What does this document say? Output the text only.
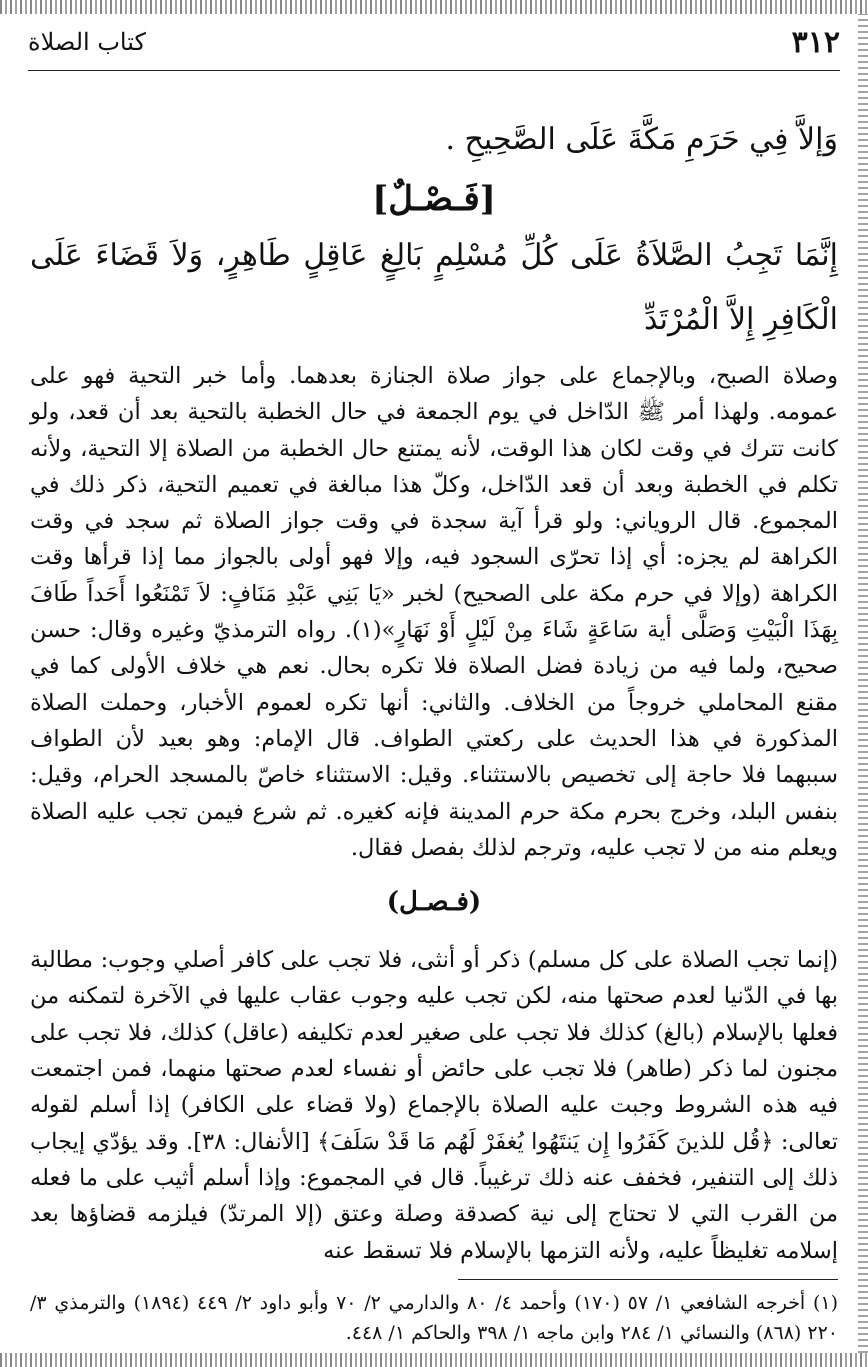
٣١٢
كتاب الصلاة

وَإلاَّ فِي حَرَمِ مَكَّةَ عَلَى الصَّحِيحِ .

[فَـصْـلٌ]

إِنَّمَا تَجِبُ الصَّلاَةُ عَلَى كُلِّ مُسْلِمٍ بَالِغٍ عَاقِلٍ طَاهِرٍ، وَلاَ قَضَاءَ عَلَى الْكَافِرِ إِلاَّ الْمُرْتَدِّ

وصلاة الصبح، وبالإجماع على جواز صلاة الجنازة بعدهما. وأما خبر التحية فهو على عمومه. ولهذا أمر ﷺ الدّاخل في يوم الجمعة في حال الخطبة بالتحية بعد أن قعد، ولو كانت تترك في وقت لكان هذا الوقت، لأنه يمتنع حال الخطبة من الصلاة إلا التحية، ولأنه تكلم في الخطبة وبعد أن قعد الدّاخل، وكلّ هذا مبالغة في تعميم التحية، ذكر ذلك في المجموع. قال الروياني: ولو قرأ آية سجدة في وقت جواز الصلاة ثم سجد في وقت الكراهة لم يجزه: أي إذا تحرّى السجود فيه، وإلا فهو أولى بالجواز مما إذا قرأها وقت الكراهة (وإلا في حرم مكة على الصحيح) لخبر «يَا بَنِي عَبْدِ مَنَافٍ: لاَ تَمْنَعُوا أَحَداً طَافَ بِهَذَا الْبَيْتِ وَصَلَّى أية سَاعَةٍ شَاءَ مِنْ لَيْلٍ أَوْ نَهَارٍ»(١). رواه الترمذيّ وغيره وقال: حسن صحيح، ولما فيه من زيادة فضل الصلاة فلا تكره بحال. نعم هي خلاف الأولى كما في مقنع المحاملي خروجاً من الخلاف. والثاني: أنها تكره لعموم الأخبار، وحملت الصلاة المذكورة في هذا الحديث على ركعتي الطواف. قال الإمام: وهو بعيد لأن الطواف سببهما فلا حاجة إلى تخصيص بالاستثناء. وقيل: الاستثناء خاصّ بالمسجد الحرام، وقيل: بنفس البلد، وخرج بحرم مكة حرم المدينة فإنه كغيره. ثم شرع فيمن تجب عليه الصلاة ويعلم منه من لا تجب عليه، وترجم لذلك بفصل فقال.

(فـصـل)

(إنما تجب الصلاة على كل مسلم) ذكر أو أنثى، فلا تجب على كافر أصلي وجوب: مطالبة بها في الدّنيا لعدم صحتها منه، لكن تجب عليه وجوب عقاب عليها في الآخرة لتمكنه من فعلها بالإسلام (بالغ) كذلك فلا تجب على صغير لعدم تكليفه (عاقل) كذلك، فلا تجب على مجنون لما ذكر (طاهر) فلا تجب على حائض أو نفساء لعدم صحتها منهما، فمن اجتمعت فيه هذه الشروط وجبت عليه الصلاة بالإجماع (ولا قضاء على الكافر) إذا أسلم لقوله تعالى: ﴿قُل للذينَ كَفَرُوا إِن يَنتَهُوا يُغفَرْ لَهُم مَا قَدْ سَلَفَ﴾ [الأنفال: ٣٨]. وقد يؤدّي إيجاب ذلك إلى التنفير، فخفف عنه ذلك ترغيباً. قال في المجموع: وإذا أسلم أثيب على ما فعله من القرب التي لا تحتاج إلى نية كصدقة وصلة وعتق (إلا المرتدّ) فيلزمه قضاؤها بعد إسلامه تغليظاً عليه، ولأنه التزمها بالإسلام فلا تسقط عنه

(١) أخرجه الشافعي ١/ ٥٧ (١٧٠) وأحمد ٤/ ٨٠ والدارمي ٢/ ٧٠ وأبو داود ٢/ ٤٤٩ (١٨٩٤) والترمذي ٣/ ٢٢٠ (٨٦٨) والنسائي ١/ ٢٨٤ وابن ماجه ١/ ٣٩٨ والحاكم ١/ ٤٤٨.
